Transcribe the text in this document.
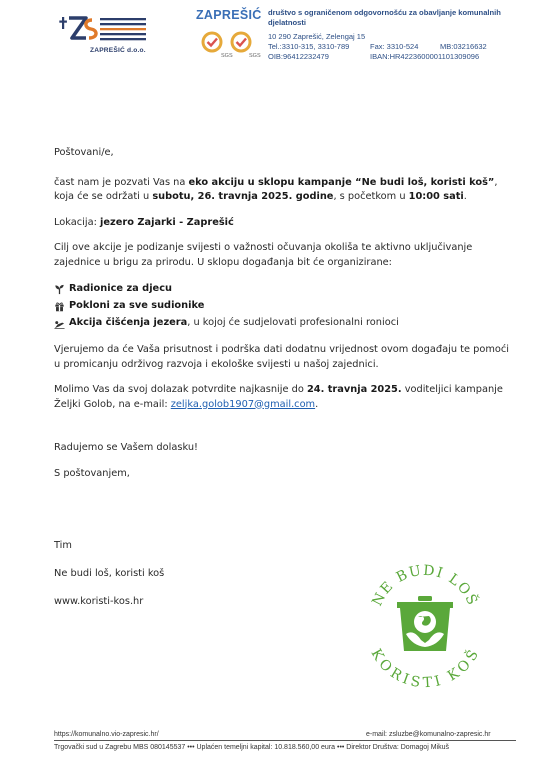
ZAPREŠIĆ d.o.o.
ZAPREŠIĆ društvo s ograničenom odgovornošću za obavljanje komunalnih djelatnosti
SGS	SGS
10 290 Zaprešić, Zelengaj 15
Tel.:3310-315, 3310-789	Fax: 3310-524	MB:03216632
OIB:96412232479	IBAN:HR4223600001101309096

Poštovani/e,

čast nam je pozvati Vas na eko akciju u sklopu kampanje “Ne budi loš, koristi koš”, koja će se održati u subotu, 26. travnja 2025. godine, s početkom u 10:00 sati.

Lokacija: jezero Zajarki - Zaprešić

Cilj ove akcije je podizanje svijesti o važnosti očuvanja okoliša te aktivno uključivanje zajednice u brigu za prirodu. U sklopu događanja bit će organizirane:

Radionice za djecu
Pokloni za sve sudionike
Akcija čišćenja jezera, u kojoj će sudjelovati profesionalni ronioci

Vjerujemo da će Vaša prisutnost i podrška dati dodatnu vrijednost ovom događaju te pomoći u promicanju održivog razvoja i ekološke svijesti u našoj zajednici.

Molimo Vas da svoj dolazak potvrdite najkasnije do 24. travnja 2025. voditeljici kampanje Željki Golob, na e-mail: zeljka.golob1907@gmail.com.

Radujemo se Vašem dolasku!

S poštovanjem,

Tim
Ne budi loš, koristi koš
www.koristi-kos.hr	NE BUDI LOŠ
KORISTI KOŠ
https://komunalno.vio-zapresic.hr/	e-mail: zsluzbe@komunalno-zapresic.hr
Trgovački sud u Zagrebu MBS 080145537 ••• Uplaćen temeljni kapital: 10.818.560,00 eura ••• Direktor Društva: Domagoj Mikuš
